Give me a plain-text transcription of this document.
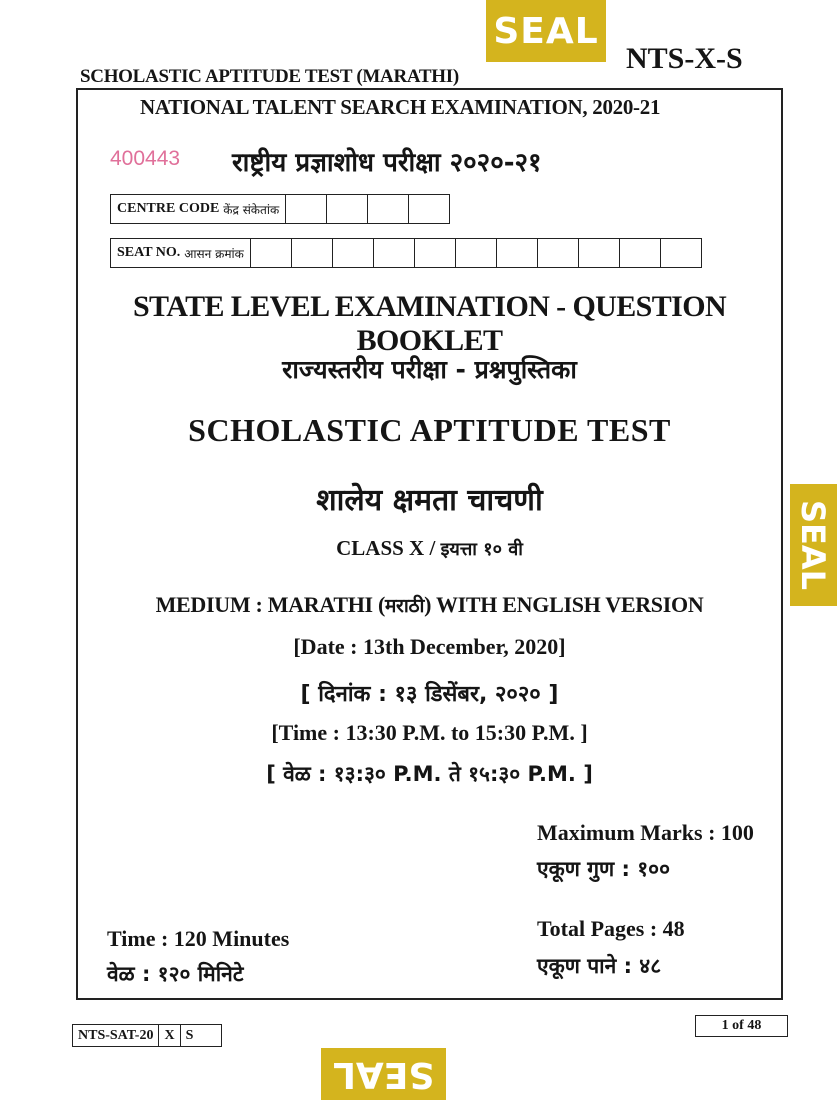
SEAL
SEAL
SEAL
NTS-X-S
SCHOLASTIC APTITUDE TEST (MARATHI)
NATIONAL TALENT SEARCH EXAMINATION, 2020-21
400443 राष्ट्रीय प्रज्ञाशोध परीक्षा २०२०-२१
CENTRE CODE केंद्र संकेतांक
SEAT NO. आसन क्रमांक
STATE LEVEL EXAMINATION - QUESTION BOOKLET
राज्यस्तरीय परीक्षा - प्रश्नपुस्तिका
SCHOLASTIC APTITUDE TEST
शालेय क्षमता चाचणी
CLASS X / इयत्ता १० वी
MEDIUM : MARATHI (मराठी) WITH ENGLISH VERSION
[Date : 13th December, 2020]
[ दिनांक : १३ डिसेंबर, २०२० ]
[Time : 13:30 P.M. to 15:30 P.M. ]
[ वेळ : १३:३० P.M. ते १५:३० P.M. ]
Maximum Marks : 100
एकूण गुण : १००
Total Pages : 48
एकूण पाने : ४८
Time : 120 Minutes
वेळ : १२० मिनिटे
NTS-SAT-20 X S
1 of 48
